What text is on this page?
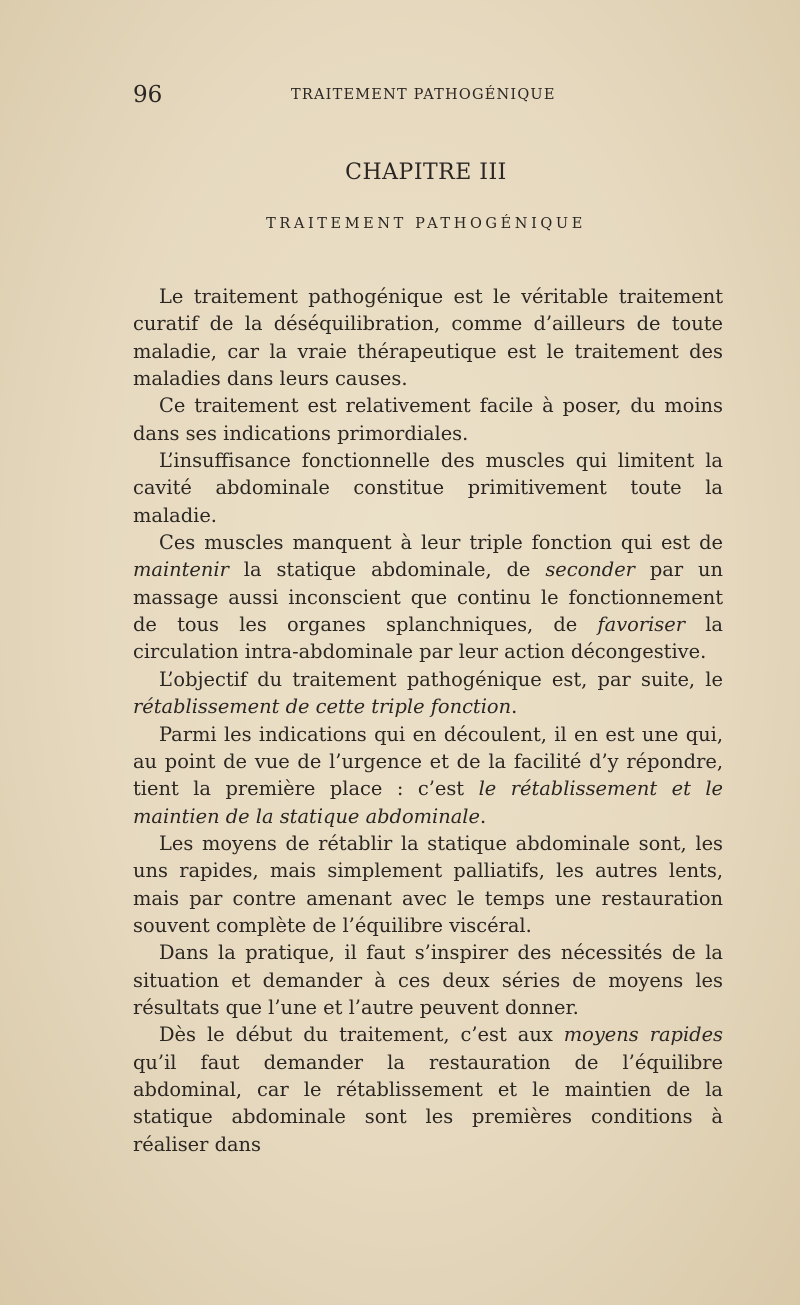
96	TRAITEMENT PATHOGÉNIQUE
CHAPITRE III
TRAITEMENT PATHOGÉNIQUE

Le traitement pathogénique est le véritable traitement curatif de la déséquilibration, comme d’ailleurs de toute maladie, car la vraie thérapeutique est le traitement des maladies dans leurs causes.

Ce traitement est relativement facile à poser, du moins dans ses indications primordiales.

L’insuffisance fonctionnelle des muscles qui limitent la cavité abdominale constitue primitivement toute la maladie.

Ces muscles manquent à leur triple fonction qui est de maintenir la statique abdominale, de seconder par un massage aussi inconscient que continu le fonctionnement de tous les organes splanchniques, de favoriser la circulation intra-abdominale par leur action décongestive.

L’objectif du traitement pathogénique est, par suite, le rétablissement de cette triple fonction.

Parmi les indications qui en découlent, il en est une qui, au point de vue de l’urgence et de la facilité d’y répondre, tient la première place : c’est le rétablissement et le maintien de la statique abdominale.

Les moyens de rétablir la statique abdominale sont, les uns rapides, mais simplement palliatifs, les autres lents, mais par contre amenant avec le temps une restauration souvent complète de l’équilibre viscéral.

Dans la pratique, il faut s’inspirer des nécessités de la situation et demander à ces deux séries de moyens les résultats que l’une et l’autre peuvent donner.

Dès le début du traitement, c’est aux moyens rapides qu’il faut demander la restauration de l’équilibre abdominal, car le rétablissement et le maintien de la statique abdominale sont les premières conditions à réaliser dans
